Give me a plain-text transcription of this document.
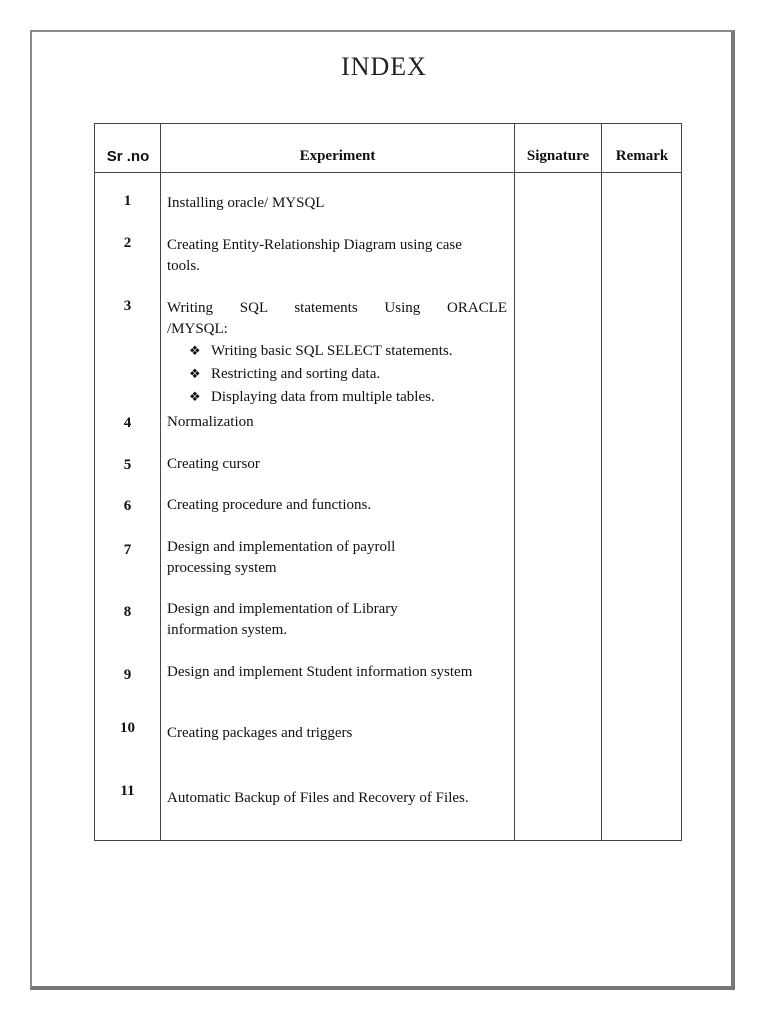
INDEX
Sr .no	Experiment	Signature	Remark
1	Installing oracle/ MYSQL
2	Creating Entity-Relationship Diagram using case tools.
3	Writing SQL statements Using ORACLE
/MYSQL:
❖ Writing basic SQL SELECT statements.
❖ Restricting and sorting data.
❖ Displaying data from multiple tables.
4	Normalization
5	Creating cursor
6	Creating procedure and functions.
7	Design and implementation of payroll processing system
8	Design and implementation of Library information system.
9	Design and implement Student information system
10	Creating packages and triggers
11	Automatic Backup of Files and Recovery of Files.
